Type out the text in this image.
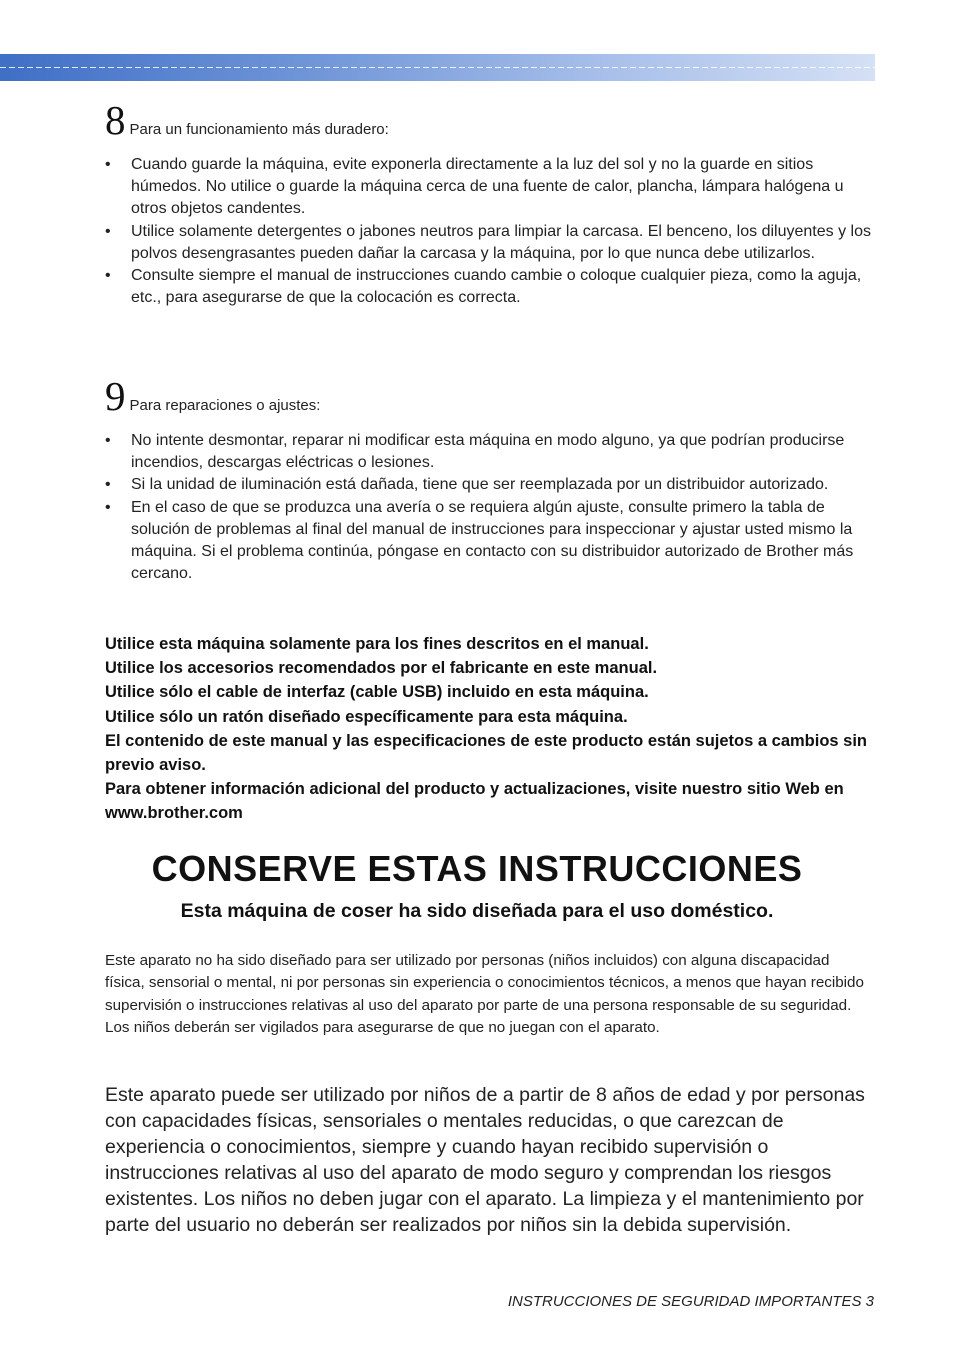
8 Para un funcionamiento más duradero:
• Cuando guarde la máquina, evite exponerla directamente a la luz del sol y no la guarde en sitios húmedos. No utilice o guarde la máquina cerca de una fuente de calor, plancha, lámpara halógena u otros objetos candentes.
• Utilice solamente detergentes o jabones neutros para limpiar la carcasa. El benceno, los diluyentes y los polvos desengrasantes pueden dañar la carcasa y la máquina, por lo que nunca debe utilizarlos.
• Consulte siempre el manual de instrucciones cuando cambie o coloque cualquier pieza, como la aguja, etc., para asegurarse de que la colocación es correcta.
9 Para reparaciones o ajustes:
• No intente desmontar, reparar ni modificar esta máquina en modo alguno, ya que podrían producirse incendios, descargas eléctricas o lesiones.
• Si la unidad de iluminación está dañada, tiene que ser reemplazada por un distribuidor autorizado.
• En el caso de que se produzca una avería o se requiera algún ajuste, consulte primero la tabla de solución de problemas al final del manual de instrucciones para inspeccionar y ajustar usted mismo la máquina. Si el problema continúa, póngase en contacto con su distribuidor autorizado de Brother más cercano.

Utilice esta máquina solamente para los fines descritos en el manual.

Utilice los accesorios recomendados por el fabricante en este manual.

Utilice sólo el cable de interfaz (cable USB) incluido en esta máquina.

Utilice sólo un ratón diseñado específicamente para esta máquina.

El contenido de este manual y las especificaciones de este producto están sujetos a cambios sin previo aviso.

Para obtener información adicional del producto y actualizaciones, visite nuestro sitio Web en www.brother.com

CONSERVE ESTAS INSTRUCCIONES
Esta máquina de coser ha sido diseñada para el uso doméstico.

Este aparato no ha sido diseñado para ser utilizado por personas (niños incluidos) con alguna discapacidad física, sensorial o mental, ni por personas sin experiencia o conocimientos técnicos, a menos que hayan recibido supervisión o instrucciones relativas al uso del aparato por parte de una persona responsable de su seguridad. Los niños deberán ser vigilados para asegurarse de que no juegan con el aparato.

Este aparato puede ser utilizado por niños de a partir de 8 años de edad y por personas con capacidades físicas, sensoriales o mentales reducidas, o que carezcan de experiencia o conocimientos, siempre y cuando hayan recibido supervisión o instrucciones relativas al uso del aparato de modo seguro y comprendan los riesgos existentes. Los niños no deben jugar con el aparato. La limpieza y el mantenimiento por parte del usuario no deberán ser realizados por niños sin la debida supervisión.

INSTRUCCIONES DE SEGURIDAD IMPORTANTES 3
